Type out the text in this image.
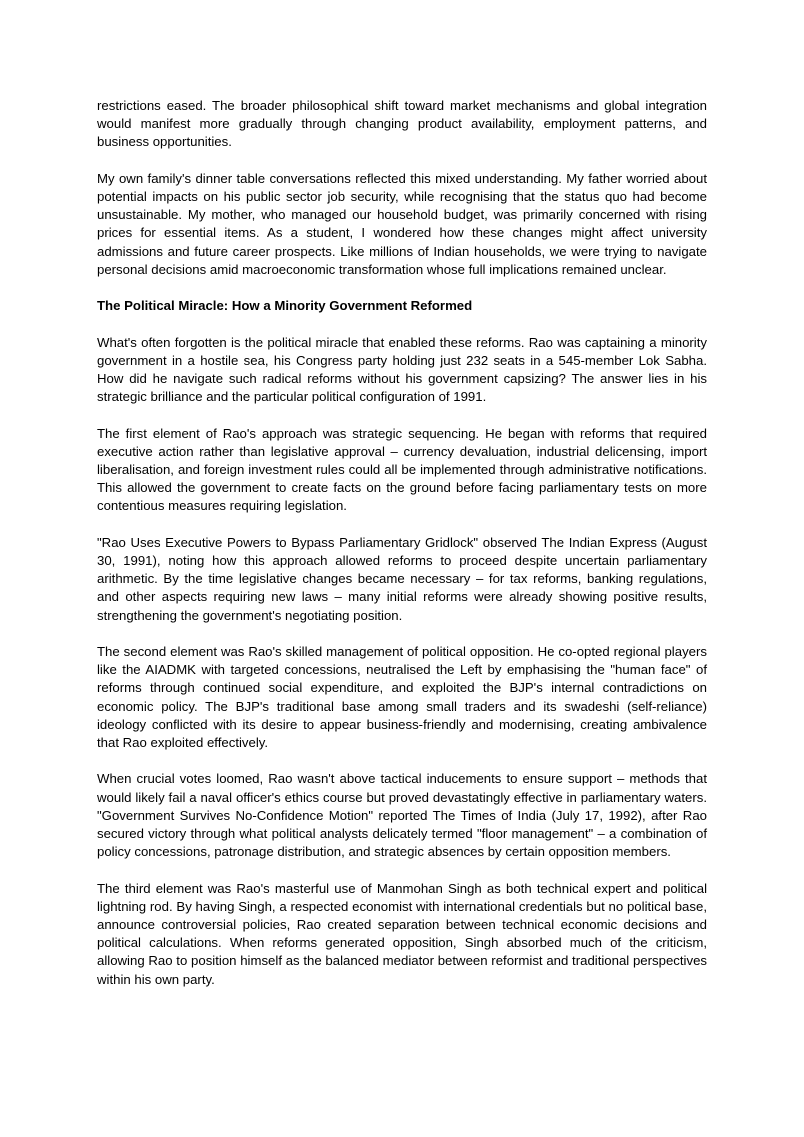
restrictions eased. The broader philosophical shift toward market mechanisms and global integration would manifest more gradually through changing product availability, employment patterns, and business opportunities.

My own family's dinner table conversations reflected this mixed understanding. My father worried about potential impacts on his public sector job security, while recognising that the status quo had become unsustainable. My mother, who managed our household budget, was primarily concerned with rising prices for essential items. As a student, I wondered how these changes might affect university admissions and future career prospects. Like millions of Indian households, we were trying to navigate personal decisions amid macroeconomic transformation whose full implications remained unclear.

The Political Miracle: How a Minority Government Reformed

What's often forgotten is the political miracle that enabled these reforms. Rao was captaining a minority government in a hostile sea, his Congress party holding just 232 seats in a 545-member Lok Sabha. How did he navigate such radical reforms without his government capsizing? The answer lies in his strategic brilliance and the particular political configuration of 1991.

The first element of Rao's approach was strategic sequencing. He began with reforms that required executive action rather than legislative approval – currency devaluation, industrial delicensing, import liberalisation, and foreign investment rules could all be implemented through administrative notifications. This allowed the government to create facts on the ground before facing parliamentary tests on more contentious measures requiring legislation.

"Rao Uses Executive Powers to Bypass Parliamentary Gridlock" observed The Indian Express (August 30, 1991), noting how this approach allowed reforms to proceed despite uncertain parliamentary arithmetic. By the time legislative changes became necessary – for tax reforms, banking regulations, and other aspects requiring new laws – many initial reforms were already showing positive results, strengthening the government's negotiating position.

The second element was Rao's skilled management of political opposition. He co-opted regional players like the AIADMK with targeted concessions, neutralised the Left by emphasising the "human face" of reforms through continued social expenditure, and exploited the BJP's internal contradictions on economic policy. The BJP's traditional base among small traders and its swadeshi (self-reliance) ideology conflicted with its desire to appear business-friendly and modernising, creating ambivalence that Rao exploited effectively.

When crucial votes loomed, Rao wasn't above tactical inducements to ensure support – methods that would likely fail a naval officer's ethics course but proved devastatingly effective in parliamentary waters. "Government Survives No-Confidence Motion" reported The Times of India (July 17, 1992), after Rao secured victory through what political analysts delicately termed "floor management" – a combination of policy concessions, patronage distribution, and strategic absences by certain opposition members.

The third element was Rao's masterful use of Manmohan Singh as both technical expert and political lightning rod. By having Singh, a respected economist with international credentials but no political base, announce controversial policies, Rao created separation between technical economic decisions and political calculations. When reforms generated opposition, Singh absorbed much of the criticism, allowing Rao to position himself as the balanced mediator between reformist and traditional perspectives within his own party.
